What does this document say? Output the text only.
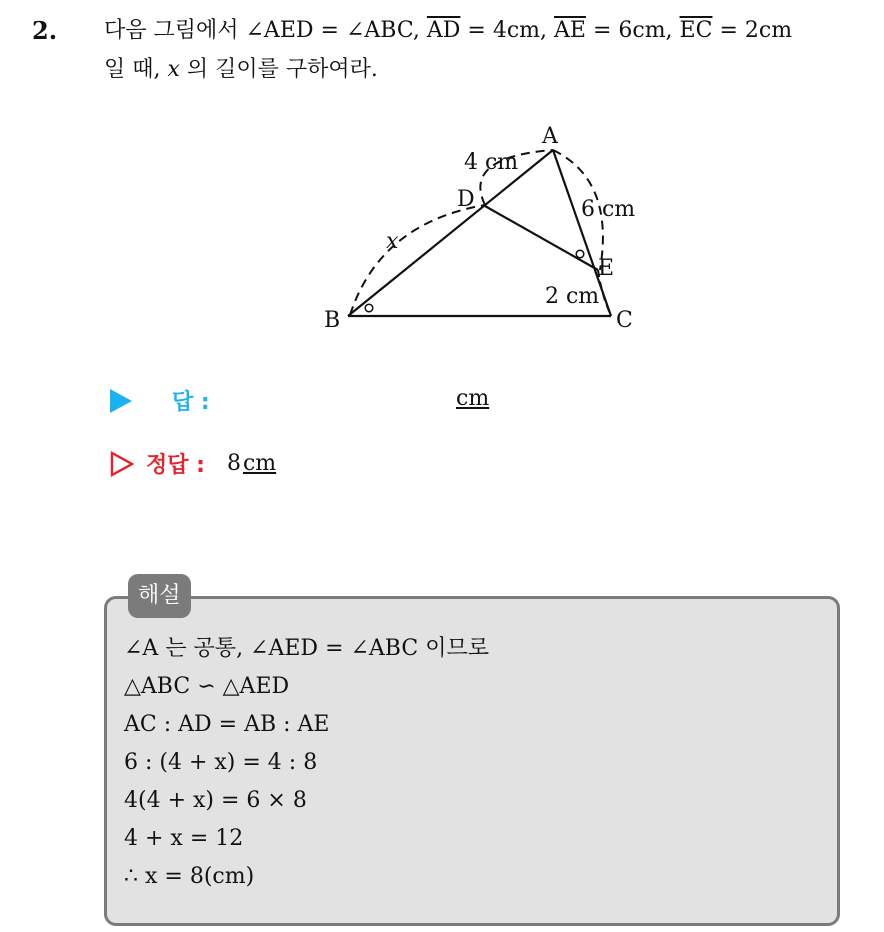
2. 다음 그림에서 ∠AED = ∠ABC, $\overline{AD} = 4cm$, $\overline{AE} = 6cm$, $\overline{EC} = 2cm$
일 때, x 의 길이를 구하여라.
A
B	C
D
E
4 cm
6 cm
2 cm
x
답 :	cm
정답 : 8cm
해설
∠A 는 공통, ∠AED = ∠ABC 이므로
△ABC ∽ △AED
AC : AD = AB : AE
6 : (4 + x) = 4 : 8
4(4 + x) = 6 × 8
4 + x = 12
∴ x = 8(cm)
